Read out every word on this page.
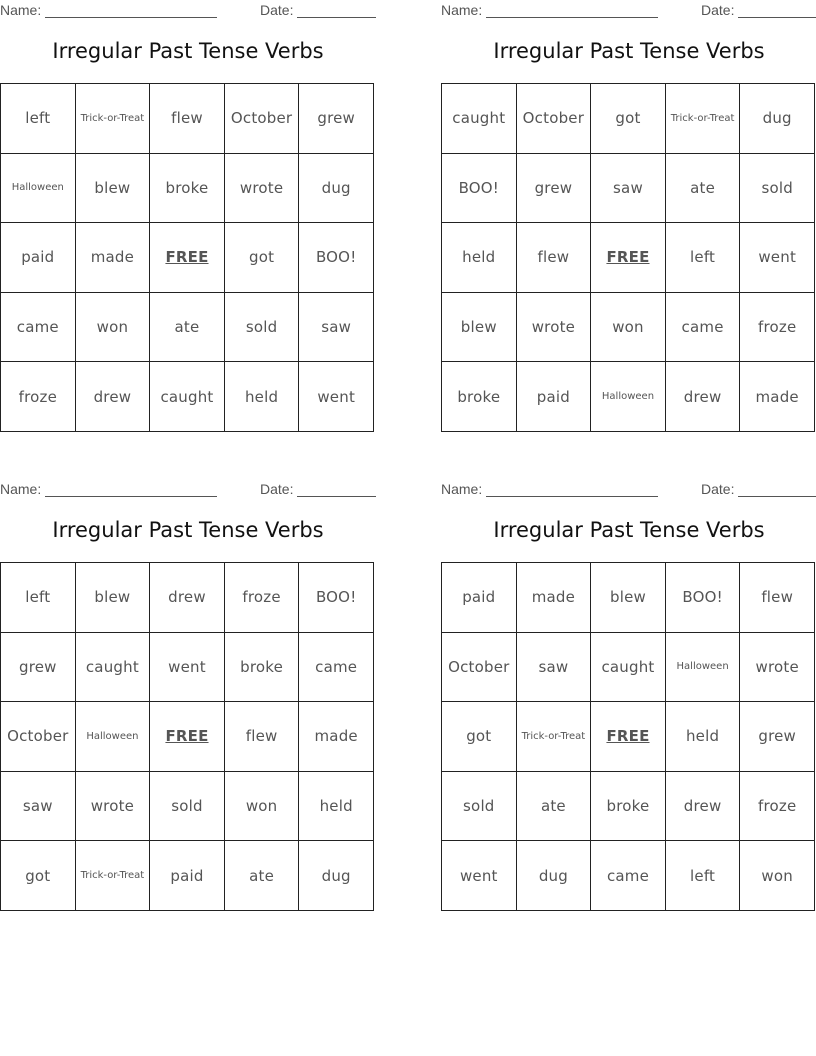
Name:	Date:
Irregular Past Tense Verbs
left	Trick-or-Treat	flew	October	grew
Halloween	blew	broke	wrote	dug
paid	made	FREE	got	BOO!
came	won	ate	sold	saw
froze	drew	caught	held	went
Name:	Date:
Irregular Past Tense Verbs
caught	October	got	Trick-or-Treat	dug
BOO!	grew	saw	ate	sold
held	flew	FREE	left	went
blew	wrote	won	came	froze
broke	paid	Halloween	drew	made
Name:	Date:
Irregular Past Tense Verbs
left	blew	drew	froze	BOO!
grew	caught	went	broke	came
October	Halloween	FREE	flew	made
saw	wrote	sold	won	held
got	Trick-or-Treat	paid	ate	dug
Name:	Date:
Irregular Past Tense Verbs
paid	made	blew	BOO!	flew
October	saw	caught	Halloween	wrote
got	Trick-or-Treat	FREE	held	grew
sold	ate	broke	drew	froze
went	dug	came	left	won
